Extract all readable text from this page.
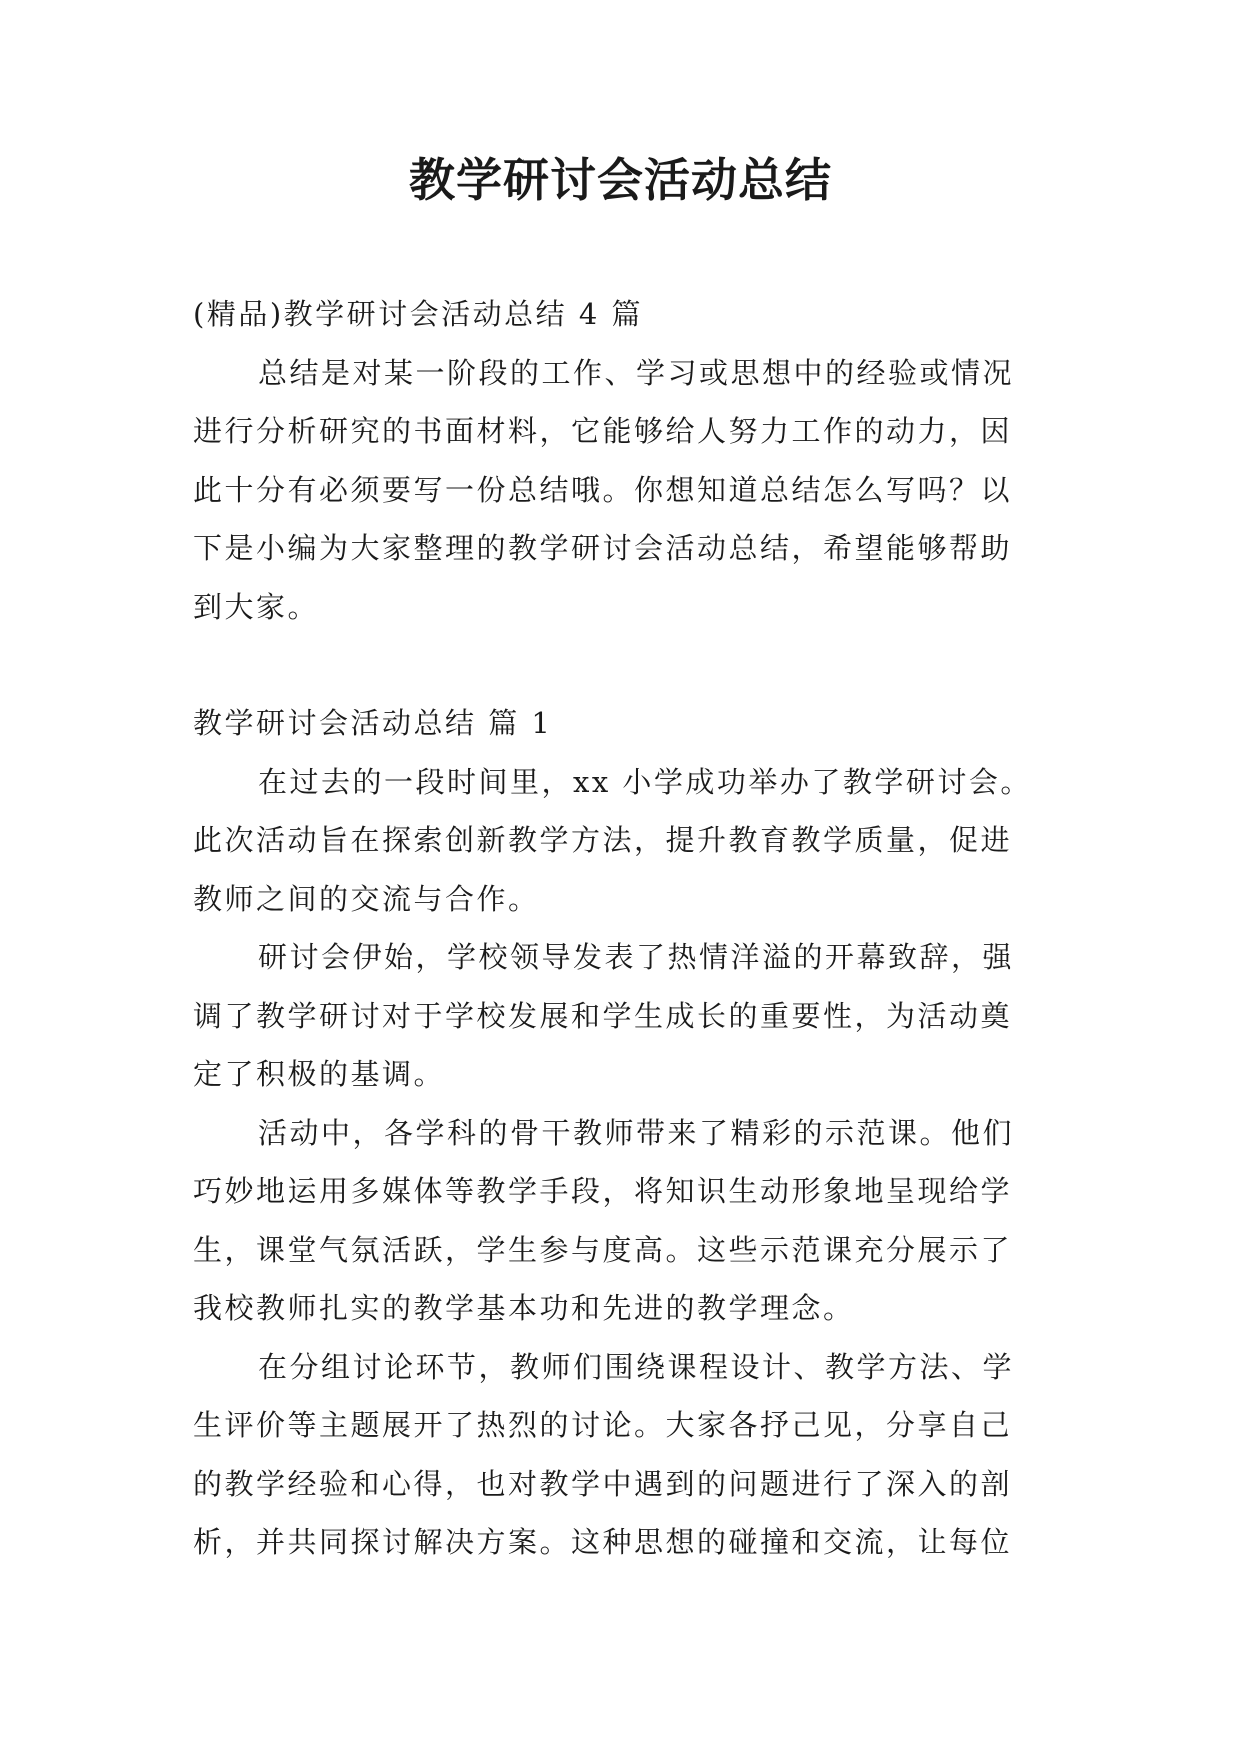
教学研讨会活动总结

(精品)教学研讨会活动总结 4 篇

总结是对某一阶段的工作、学习或思想中的经验或情况

进行分析研究的书面材料，它能够给人努力工作的动力，因

此十分有必须要写一份总结哦。你想知道总结怎么写吗？以

下是小编为大家整理的教学研讨会活动总结，希望能够帮助

到大家。

教学研讨会活动总结 篇 1

在过去的一段时间里，xx 小学成功举办了教学研讨会。

此次活动旨在探索创新教学方法，提升教育教学质量，促进

教师之间的交流与合作。

研讨会伊始，学校领导发表了热情洋溢的开幕致辞，强

调了教学研讨对于学校发展和学生成长的重要性，为活动奠

定了积极的基调。

活动中，各学科的骨干教师带来了精彩的示范课。他们

巧妙地运用多媒体等教学手段，将知识生动形象地呈现给学

生，课堂气氛活跃，学生参与度高。这些示范课充分展示了

我校教师扎实的教学基本功和先进的教学理念。

在分组讨论环节，教师们围绕课程设计、教学方法、学

生评价等主题展开了热烈的讨论。大家各抒己见，分享自己

的教学经验和心得，也对教学中遇到的问题进行了深入的剖

析，并共同探讨解决方案。这种思想的碰撞和交流，让每位
